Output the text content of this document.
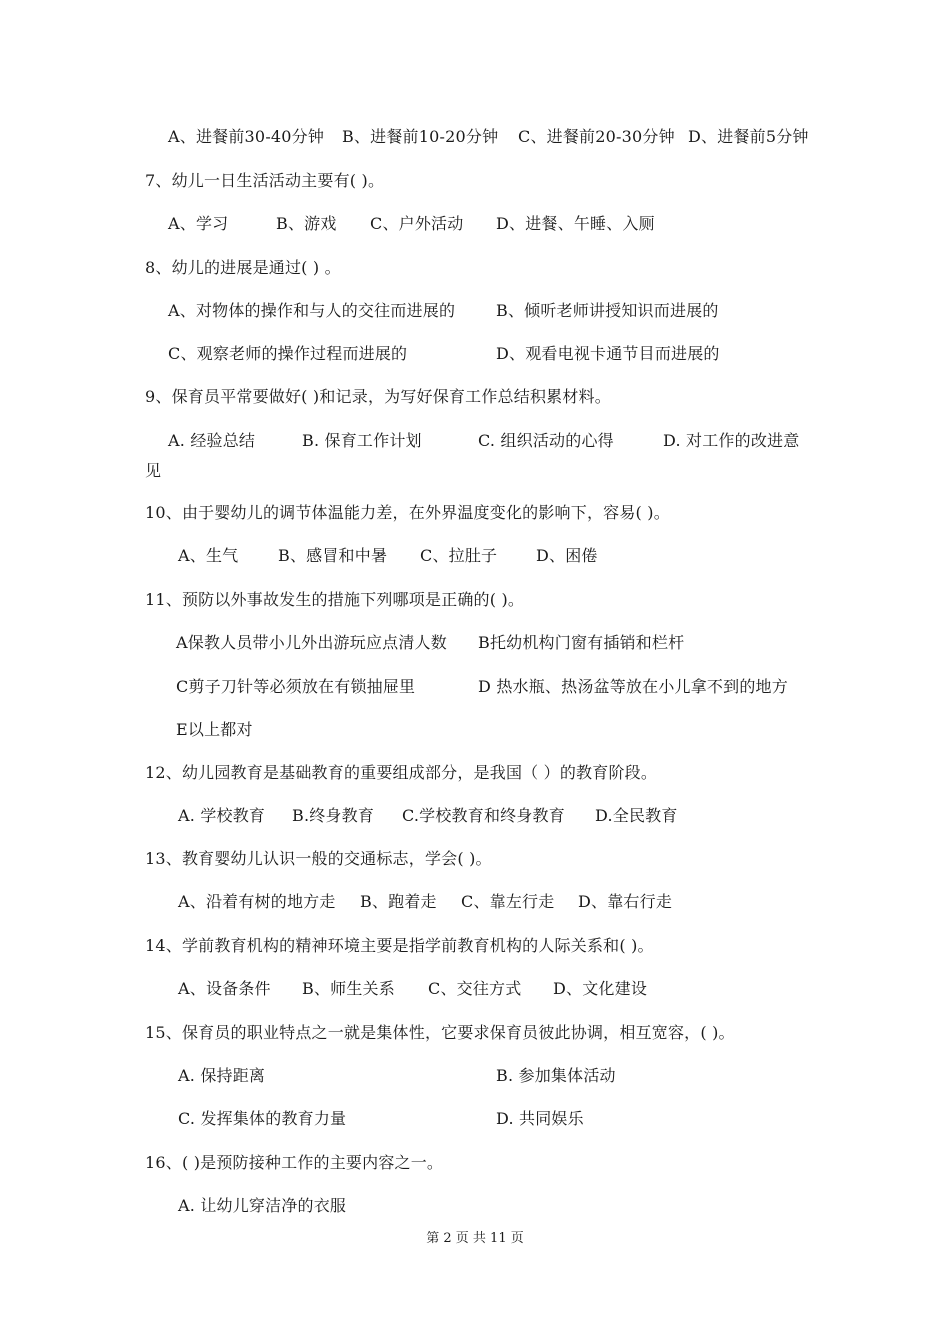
A、进餐前30-40分钟 B、进餐前10-20分钟 C、进餐前20-30分钟 D、进餐前5分钟
7、幼儿一日生活活动主要有( )。
A、学习	B、游戏 C、户外活动 D、进餐、午睡、入厕
8、幼儿的进展是通过( ) 。
A、对物体的操作和与人的交往而进展的	B、倾听老师讲授知识而进展的
C、观察老师的操作过程而进展的	D、观看电视卡通节目而进展的
9、保育员平常要做好( )和记录，为写好保育工作总结积累材料。
A. 经验总结	B. 保育工作计划	C. 组织活动的心得	D. 对工作的改进意
见
10、由于婴幼儿的调节体温能力差，在外界温度变化的影响下，容易( )。
A、生气 B、感冒和中暑 C、拉肚子 D、困倦
11、预防以外事故发生的措施下列哪项是正确的( )。
A保教人员带小儿外出游玩应点清人数 B托幼机构门窗有插销和栏杆
C剪子刀针等必须放在有锁抽屉里	D 热水瓶、热汤盆等放在小儿拿不到的地方
E以上都对
12、幼儿园教育是基础教育的重要组成部分，是我国（ ）的教育阶段。
A. 学校教育 B.终身教育 C.学校教育和终身教育 D.全民教育
13、教育婴幼儿认识一般的交通标志，学会( )。
A、沿着有树的地方走 B、跑着走 C、靠左行走 D、靠右行走
14、学前教育机构的精神环境主要是指学前教育机构的人际关系和( )。
A、设备条件 B、师生关系 C、交往方式 D、文化建设
15、保育员的职业特点之一就是集体性，它要求保育员彼此协调，相互宽容，( )。
A. 保持距离	B. 参加集体活动
C. 发挥集体的教育力量	D. 共同娱乐
16、( )是预防接种工作的主要内容之一。
A. 让幼儿穿洁净的衣服
第 2 页 共 11 页
